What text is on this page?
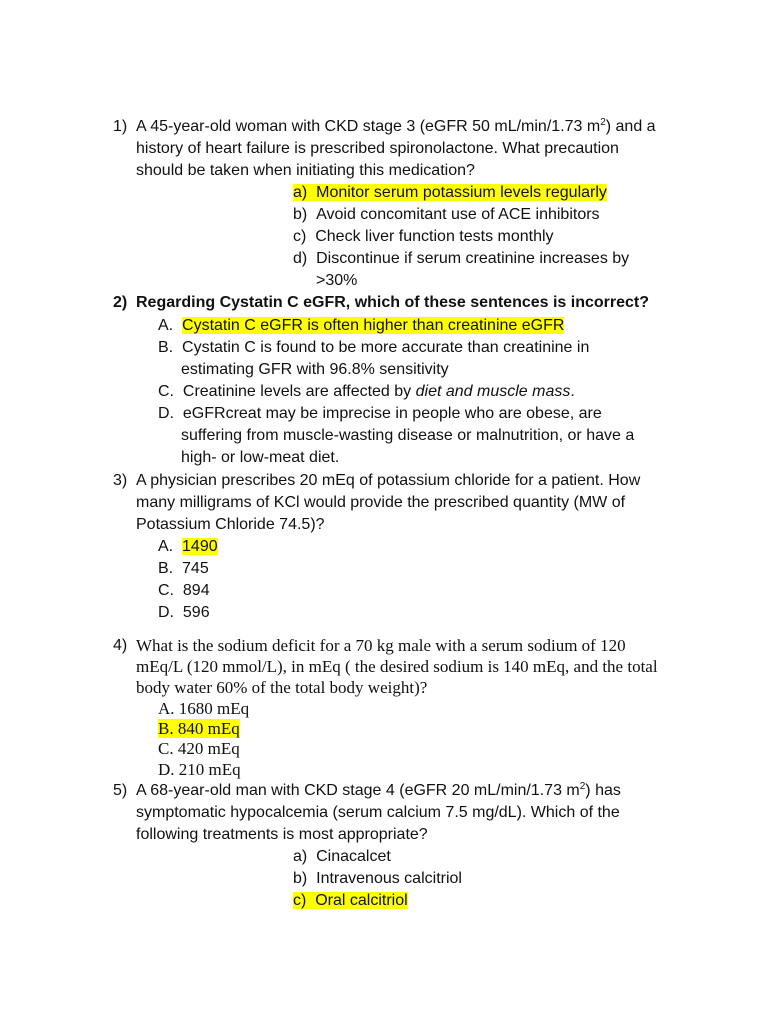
1) A 45-year-old woman with CKD stage 3 (eGFR 50 mL/min/1.73 $m^2$) and a
history of heart failure is prescribed spironolactone. What precaution
should be taken when initiating this medication?
a) Monitor serum potassium levels regularly
b) Avoid concomitant use of ACE inhibitors
c) Check liver function tests monthly
d) Discontinue if serum creatinine increases by
>30%
2) Regarding Cystatin C eGFR, which of these sentences is incorrect?
A. Cystatin C eGFR is often higher than creatinine eGFR
B. Cystatin C is found to be more accurate than creatinine in
estimating GFR with 96.8% sensitivity
C. Creatinine levels are affected by diet and muscle mass.
D. eGFRcreat may be imprecise in people who are obese, are
suffering from muscle-wasting disease or malnutrition, or have a
high- or low-meat diet.
3) A physician prescribes 20 mEq of potassium chloride for a patient. How
many milligrams of KCl would provide the prescribed quantity (MW of
Potassium Chloride 74.5)?
A. 1490
B. 745
C. 894
D. 596
4) What is the sodium deficit for a 70 kg male with a serum sodium of 120
mEq/L (120 mmol/L), in mEq ( the desired sodium is 140 mEq, and the total
body water 60% of the total body weight)?
A. 1680 mEq
B. 840 mEq
C. 420 mEq
D. 210 mEq
5) A 68-year-old man with CKD stage 4 (eGFR 20 mL/min/1.73 $m^2$) has
symptomatic hypocalcemia (serum calcium 7.5 mg/dL). Which of the
following treatments is most appropriate?
a) Cinacalcet
b) Intravenous calcitriol
c) Oral calcitriol
